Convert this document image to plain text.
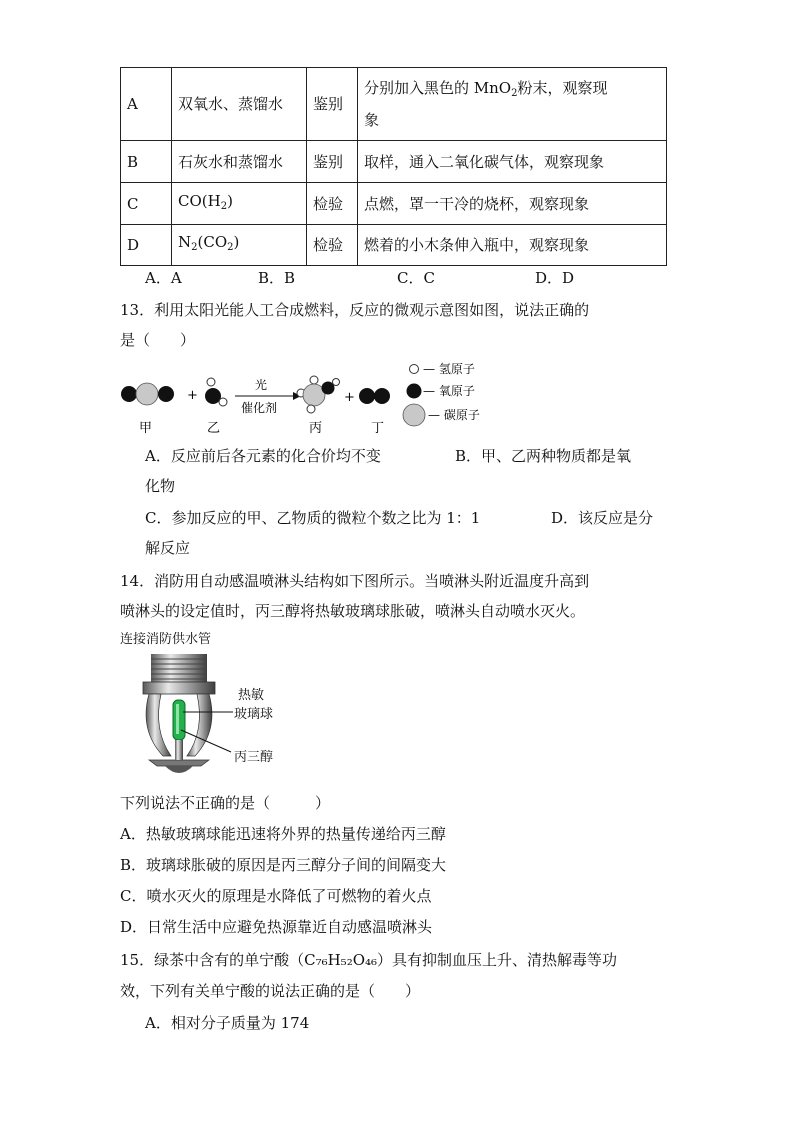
A	双氧水、蒸馏水	鉴别	分别加入黑色的 MnO$_2$粉末，观察现
象
B	石灰水和蒸馏水	鉴别	取样，通入二氧化碳气体，观察现象
C	$CO(H_2)$	检验	点燃，罩一干冷的烧杯，观察现象
D	$N_2(CO_2)$	检验	燃着的小木条伸入瓶中，观察现象
A．A	B．B	C．C	D．D
13．利用太阳光能人工合成燃料，反应的微观示意图如图，说法正确的
是（　　）
+
光
催化剂
+
甲	乙	丙	丁
— 氢原子
— 氧原子
— 碳原子
A．反应前后各元素的化合价均不变	B．甲、乙两种物质都是氧
化物
C．参加反应的甲、乙物质的微粒个数之比为 1：1	D．该反应是分
解反应
14．消防用自动感温喷淋头结构如下图所示。当喷淋头附近温度升高到
喷淋头的设定值时，丙三醇将热敏玻璃球胀破，喷淋头自动喷水灭火。
连接消防供水管
热敏
玻璃球
丙三醇
下列说法不正确的是（　　　）
A．热敏玻璃球能迅速将外界的热量传递给丙三醇
B．玻璃球胀破的原因是丙三醇分子间的间隔变大
C．喷水灭火的原理是水降低了可燃物的着火点
D．日常生活中应避免热源靠近自动感温喷淋头
15．绿茶中含有的单宁酸（C₇₆H₅₂O₄₆）具有抑制血压上升、清热解毒等功
效，下列有关单宁酸的说法正确的是（　　）
A．相对分子质量为 174
